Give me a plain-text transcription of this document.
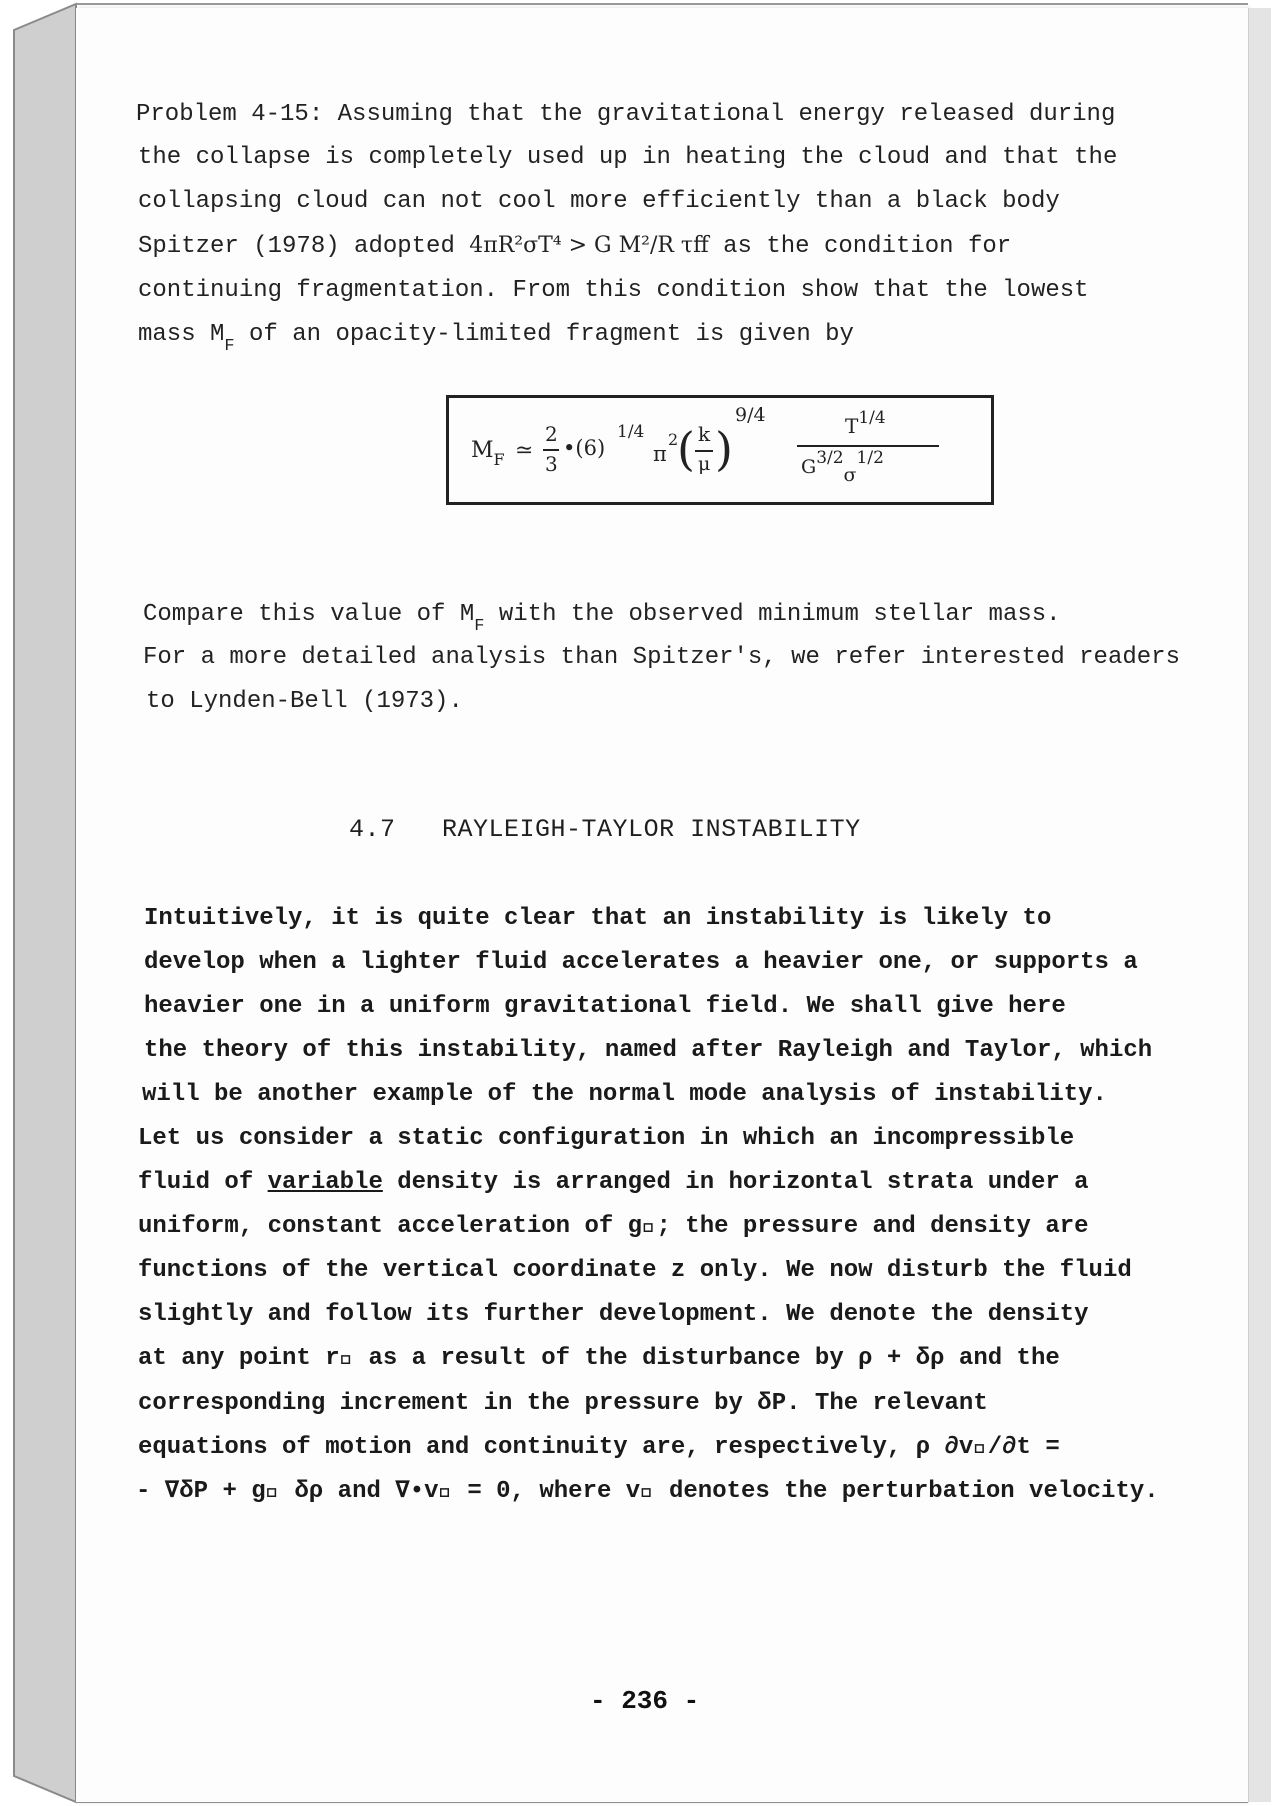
Problem 4-15: Assuming that the gravitational energy released during
the collapse is completely used up in heating the cloud and that the
collapsing cloud can not cool more efficiently than a black body
Spitzer (1978) adopted 4πR²σT⁴ > G M²/R τff as the condition for
continuing fragmentation. From this condition show that the lowest
mass $M_F$ of an opacity-limited fragment is given by
$M_F$ ≃
2
3
•(6)
1/4
π
2
( k
μ )
9/4	$T^{1/4}$
G3/2σ1/2
Compare this value of $M_F$ with the observed minimum stellar mass.
For a more detailed analysis than Spitzer's, we refer interested readers
to Lynden-Bell (1973).
4.7 RAYLEIGH-TAYLOR INSTABILITY
Intuitively, it is quite clear that an instability is likely to
develop when a lighter fluid accelerates a heavier one, or supports a
heavier one in a uniform gravitational field. We shall give here
the theory of this instability, named after Rayleigh and Taylor, which
will be another example of the normal mode analysis of instability.
Let us consider a static configuration in which an incompressible
fluid of variable density is arranged in horizontal strata under a
uniform, constant acceleration of g⃗; the pressure and density are
functions of the vertical coordinate z only. We now disturb the fluid
slightly and follow its further development. We denote the density
at any point r⃗ as a result of the disturbance by ρ + δρ and the
corresponding increment in the pressure by δP. The relevant
equations of motion and continuity are, respectively, ρ ∂v⃗/∂t =
- ∇δP + g⃗ δρ and ∇•v⃗ = 0, where v⃗ denotes the perturbation velocity.
- 236 -
